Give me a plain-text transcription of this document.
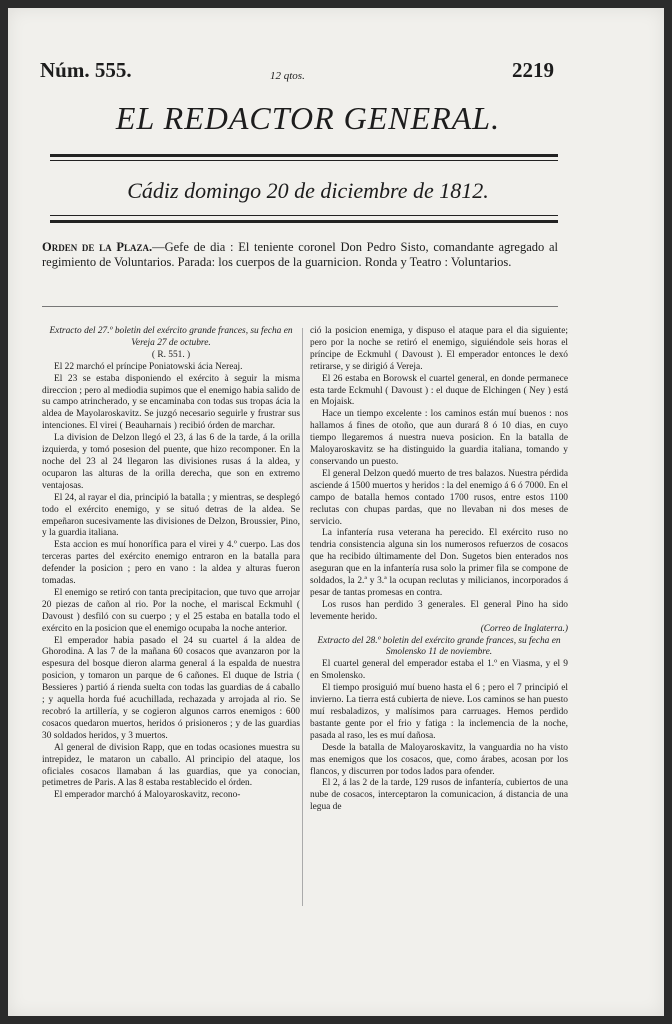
Núm. 555.	12 qtos.	2219
EL REDACTOR GENERAL.
Cádiz domingo 20 de diciembre de 1812.
Orden de la Plaza.—Gefe de dia : El teniente coronel Don Pedro Sisto, comandante agregado al regimiento de Voluntarios. Parada: los cuerpos de la guarnicion. Ronda y Teatro : Voluntarios.

Extracto del 27.º boletin del exército grande frances, su fecha en Vereja 27 de octubre.

( R. 551. )

El 22 marchó el príncipe Poniatowski ácia Nereaj.

El 23 se estaba disponiendo el exército à seguir la misma direccion ; pero al mediodia supimos que el enemigo habia salido de su campo atrincherado, y se encaminaba con todas sus tropas ácia la aldea de Mayolaroskavitz. Se juzgó necesario seguirle y frustrar sus intenciones. El virei ( Beauharnais ) recibió órden de marchar.

La division de Delzon llegó el 23, á las 6 de la tarde, á la orilla izquierda, y tomó posesion del puente, que hizo recomponer. En la noche del 23 al 24 llegaron las divisiones rusas á la aldea, y ocuparon las alturas de la orilla derecha, que son en extremo ventajosas.

El 24, al rayar el dia, principió la batalla ; y mientras, se desplegó todo el exército enemigo, y se situó detras de la aldea. Se empeñaron sucesivamente las divisiones de Delzon, Broussier, Pino, y la guardia italiana.

Esta accion es muí honorífica para el virei y 4.º cuerpo. Las dos terceras partes del exército enemigo entraron en la batalla para defender la posicion ; pero en vano : la aldea y alturas fueron tomadas.

El enemigo se retiró con tanta precipitacion, que tuvo que arrojar 20 piezas de cañon al rio. Por la noche, el mariscal Eckmuhl ( Davoust ) desfiló con su cuerpo ; y el 25 estaba en batalla todo el exército en la posicion que el enemigo ocupaba la noche anterior.

El emperador habia pasado el 24 su cuartel á la aldea de Ghorodina. A las 7 de la mañana 60 cosacos que avanzaron por la espesura del bosque dieron alarma general á la espalda de nuestra posicion, y tomaron un parque de 6 cañones. El duque de Istria ( Bessieres ) partió á rienda suelta con todas las guardias de á caballo ; y aquella horda fué acuchillada, rechazada y arrojada al rio. Se recobró la artillería, y se cogieron algunos carros enemigos : 600 cosacos quedaron muertos, heridos ó prisioneros ; y de las guardias 30 soldados heridos, y 3 muertos.

Al general de division Rapp, que en todas ocasiones muestra su intrepidez, le mataron un caballo. Al principio del ataque, los oficiales cosacos llamaban á las guardias, que ya conocian, petimetres de Paris. A las 8 estaba restablecido el órden.

El emperador marchó á Maloyaroskavitz, recono-

ció la posicion enemiga, y dispuso el ataque para el dia siguiente; pero por la noche se retiró el enemigo, siguiéndole seis horas el príncipe de Eckmuhl ( Davoust ). El emperador entonces le dexó retirarse, y se dirigió á Vereja.

El 26 estaba en Borowsk el cuartel general, en donde permanece esta tarde Eckmuhl ( Davoust ) : el duque de Elchingen ( Ney ) está en Mojaisk.

Hace un tiempo excelente : los caminos están muí buenos : nos hallamos á fines de otoño, que aun durará 8 ó 10 dias, en cuyo tiempo llegaremos á nuestra nueva posicion. En la batalla de Maloyaroskavitz se ha distinguido la guardia italiana, tomando y conservando un puesto.

El general Delzon quedó muerto de tres balazos. Nuestra pérdida asciende á 1500 muertos y heridos : la del enemigo á 6 ó 7000. En el campo de batalla hemos contado 1700 rusos, entre estos 1100 reclutas con chupas pardas, que no llevaban ni dos meses de servicio.

La infantería rusa veterana ha perecido. El exército ruso no tendria consistencia alguna sin los numerosos refuerzos de cosacos que ha recibido últimamente del Don. Sugetos bien enterados nos aseguran que en la infantería rusa solo la primer fila se compone de soldados, la 2.ª y 3.ª la ocupan reclutas y milicianos, incorporados á pesar de tantas promesas en contra.

Los rusos han perdido 3 generales. El general Pino ha sido levemente herido.

(Correo de Inglaterra.)

Extracto del 28.º boletin del exército grande frances, su fecha en Smolensko 11 de noviembre.

El cuartel general del emperador estaba el 1.º en Viasma, y el 9 en Smolensko.

El tiempo prosiguió muí bueno hasta el 6 ; pero el 7 principió el invierno. La tierra está cubierta de nieve. Los caminos se han puesto muí resbaladizos, y malísimos para carruages. Hemos perdido bastante gente por el frio y fatiga : la inclemencia de la noche, pasada al raso, les es muí dañosa.

Desde la batalla de Maloyaroskavitz, la vanguardia no ha visto mas enemigos que los cosacos, que, como árabes, acosan por los flancos, y discurren por todos lados para ofender.

El 2, á las 2 de la tarde, 129 rusos de infantería, cubiertos de una nube de cosacos, interceptaron la comunicacion, á distancia de una legua de
